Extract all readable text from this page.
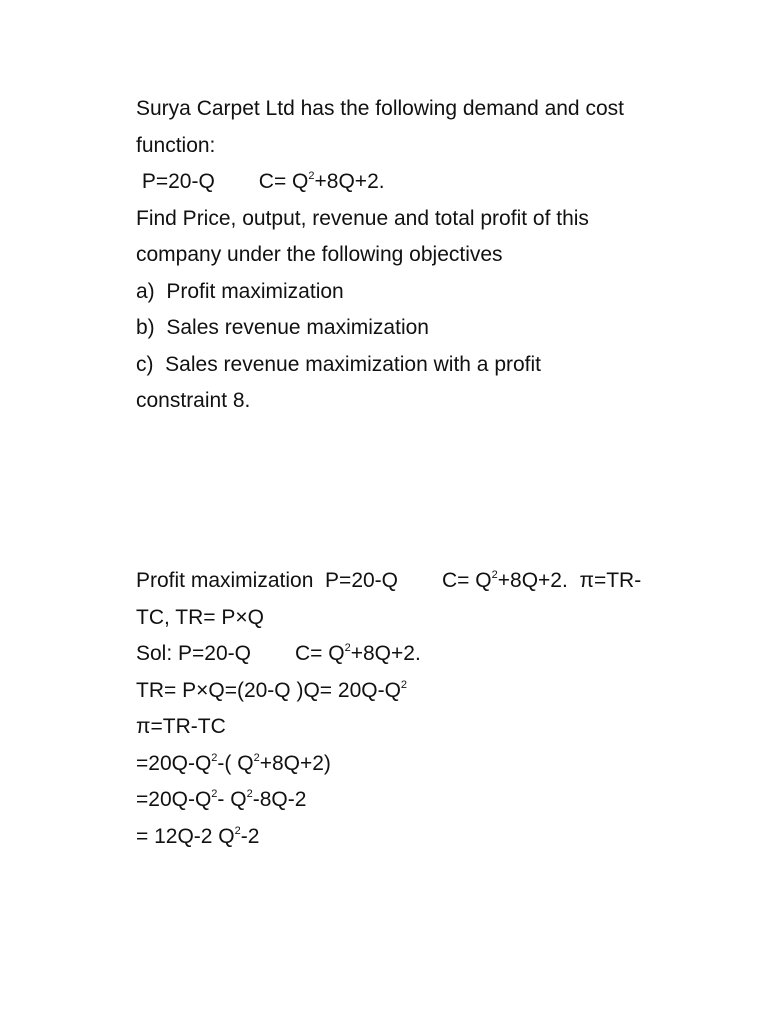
Surya Carpet Ltd has the following demand and cost
function:
P=20-Q $C= Q^2+8Q+2$.
Find Price, output, revenue and total profit of this
company under the following objectives
a)  Profit maximization
b)  Sales revenue maximization
c)  Sales revenue maximization with a profit
constraint 8.
Profit maximization  P=20-Q $C= Q^2+8Q+2$.  π=TR-
TC, TR= P×Q
Sol: P=20-Q $C= Q^2+8Q+2$.
TR= P×Q=(20-Q )$Q= 20Q-Q^2$
π=TR-TC
$=20Q-Q^2-$( $Q^2+8Q+2$)
$=20Q-Q^2-$ $Q^2-8Q-2$
= 12Q-2 $Q^2-2$
